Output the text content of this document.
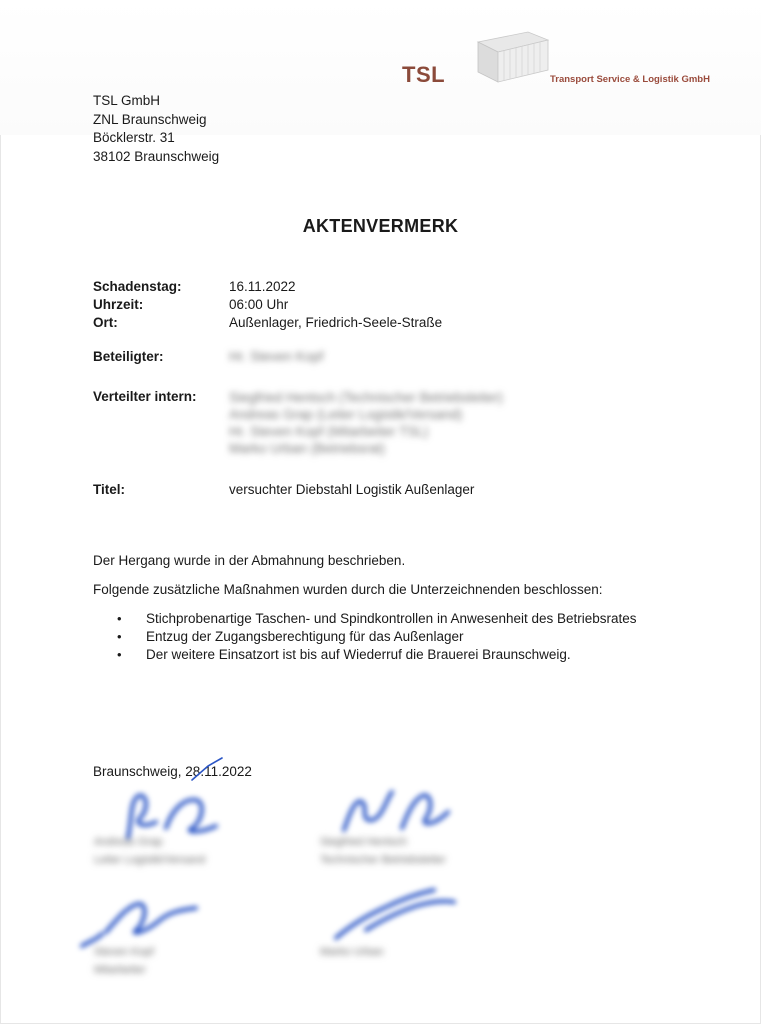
TSL	Transport Service & Logistik GmbH
TSL GmbH
ZNL Braunschweig
Böcklerstr. 31
38102 Braunschweig
AKTENVERMERK
Schadenstag:	16.11.2022
Uhrzeit:	06:00 Uhr
Ort:	Außenlager, Friedrich-Seele-Straße
Beteiligter:	Hr. Steven Kopf
Verteilter intern: Siegfried Hentsch (Technischer Betriebsleiter)
Andreas Grap (Leiter Logistik/Versand)
Hr. Steven Kopf (Mitarbeiter TSL)
Marko Urban (Betriebsrat)
Titel:	versuchter Diebstahl Logistik Außenlager
Der Hergang wurde in der Abmahnung beschrieben.
Folgende zusätzliche Maßnahmen wurden durch die Unterzeichnenden beschlossen:
• Stichprobenartige Taschen- und Spindkontrollen in Anwesenheit des Betriebsrates
• Entzug der Zugangsberechtigung für das Außenlager
• Der weitere Einsatzort ist bis auf Wiederruf die Brauerei Braunschweig.
Braunschweig, 28.11.2022
Andreas Grap
Leiter Logistik/Versand
Siegfried Hentsch
Technischer Betriebsleiter
Steven Kopf
Mitarbeiter
Marko Urban
